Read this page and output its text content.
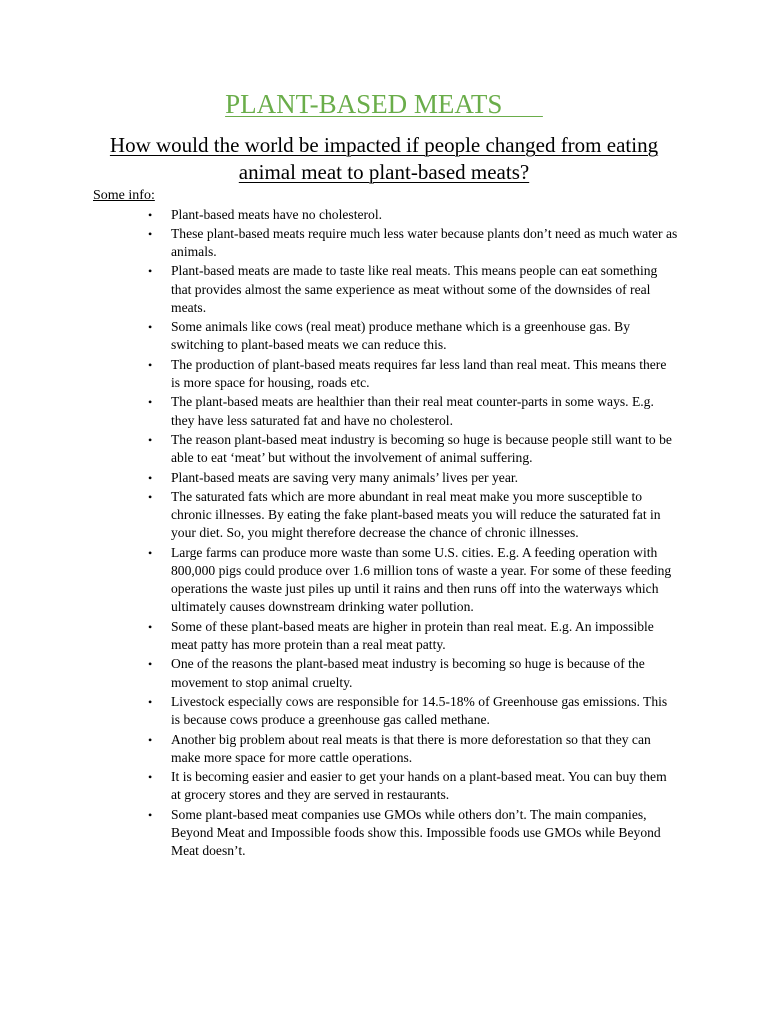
PLANT-BASED MEATS
How would the world be impacted if people changed from eating animal meat to plant-based meats?
Some info:
• Plant-based meats have no cholesterol.
• These plant-based meats require much less water because plants don’t need as much water as animals.
• Plant-based meats are made to taste like real meats. This means people can eat something that provides almost the same experience as meat without some of the downsides of real meats.
• Some animals like cows (real meat) produce methane which is a greenhouse gas. By switching to plant-based meats we can reduce this.
• The production of plant-based meats requires far less land than real meat. This means there is more space for housing, roads etc.
• The plant-based meats are healthier than their real meat counter-parts in some ways. E.g. they have less saturated fat and have no cholesterol.
• The reason plant-based meat industry is becoming so huge is because people still want to be able to eat ‘meat’ but without the involvement of animal suffering.
• Plant-based meats are saving very many animals’ lives per year.
• The saturated fats which are more abundant in real meat make you more susceptible to chronic illnesses. By eating the fake plant-based meats you will reduce the saturated fat in your diet. So, you might therefore decrease the chance of chronic illnesses.
• Large farms can produce more waste than some U.S. cities. E.g. A feeding operation with 800,000 pigs could produce over 1.6 million tons of waste a year. For some of these feeding operations the waste just piles up until it rains and then runs off into the waterways which ultimately causes downstream drinking water pollution.
• Some of these plant-based meats are higher in protein than real meat. E.g. An impossible meat patty has more protein than a real meat patty.
• One of the reasons the plant-based meat industry is becoming so huge is because of the movement to stop animal cruelty.
• Livestock especially cows are responsible for 14.5-18% of Greenhouse gas emissions. This is because cows produce a greenhouse gas called methane.
• Another big problem about real meats is that there is more deforestation so that they can make more space for more cattle operations.
• It is becoming easier and easier to get your hands on a plant-based meat. You can buy them at grocery stores and they are served in restaurants.
• Some plant-based meat companies use GMOs while others don’t. The main companies, Beyond Meat and Impossible foods show this. Impossible foods use GMOs while Beyond Meat doesn’t.
